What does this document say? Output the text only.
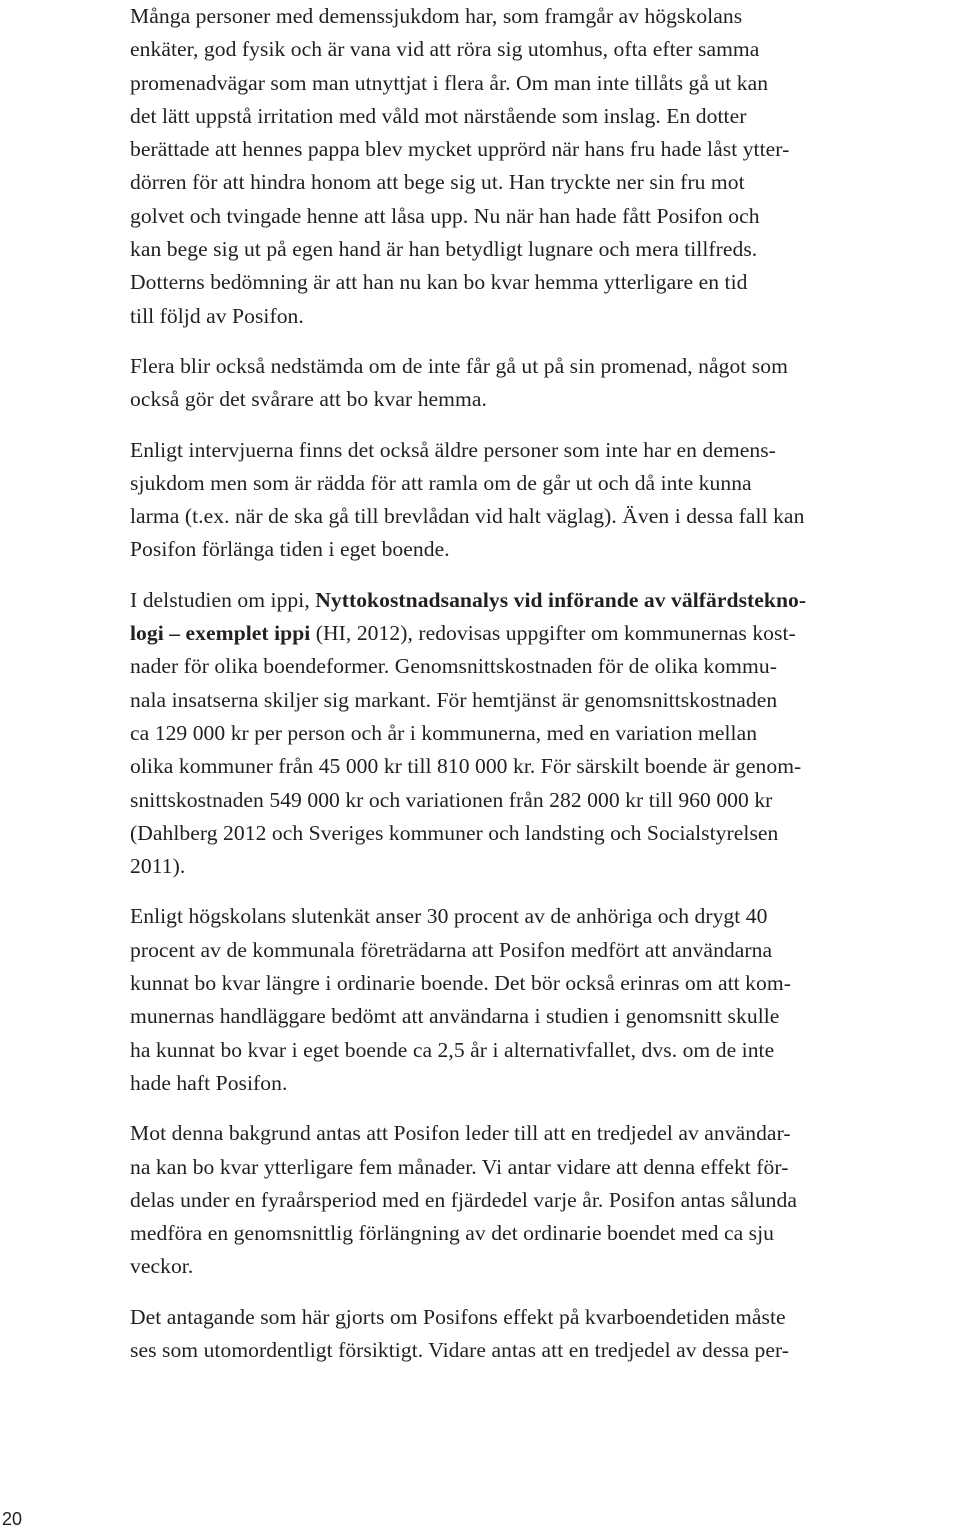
Många personer med demenssjukdom har, som framgår av högskolans
enkäter, god fysik och är vana vid att röra sig utomhus, ofta efter samma
promenadvägar som man utnyttjat i flera år. Om man inte tillåts gå ut kan
det lätt uppstå irritation med våld mot närstående som inslag. En dotter
berättade att hennes pappa blev mycket upprörd när hans fru hade låst ytter-
dörren för att hindra honom att bege sig ut. Han tryckte ner sin fru mot
golvet och tvingade henne att låsa upp. Nu när han hade fått Posifon och
kan bege sig ut på egen hand är han betydligt lugnare och mera tillfreds.
Dotterns bedömning är att han nu kan bo kvar hemma ytterligare en tid
till följd av Posifon.

Flera blir också nedstämda om de inte får gå ut på sin promenad, något som
också gör det svårare att bo kvar hemma.

Enligt intervjuerna finns det också äldre personer som inte har en demens-
sjukdom men som är rädda för att ramla om de går ut och då inte kunna
larma (t.ex. när de ska gå till brevlådan vid halt väglag). Även i dessa fall kan
Posifon förlänga tiden i eget boende.

I delstudien om ippi, Nyttokostnadsanalys vid införande av välfärdstekno-
logi – exemplet ippi (HI, 2012), redovisas uppgifter om kommunernas kost-
nader för olika boendeformer. Genomsnittskostnaden för de olika kommu-
nala insatserna skiljer sig markant. För hemtjänst är genomsnittskostnaden
ca 129 000 kr per person och år i kommunerna, med en variation mellan
olika kommuner från 45 000 kr till 810 000 kr. För särskilt boende är genom-
snittskostnaden 549 000 kr och variationen från 282 000 kr till 960 000 kr
(Dahlberg 2012 och Sveriges kommuner och landsting och Socialstyrelsen
2011).

Enligt högskolans slutenkät anser 30 procent av de anhöriga och drygt 40
procent av de kommunala företrädarna att Posifon medfört att användarna
kunnat bo kvar längre i ordinarie boende. Det bör också erinras om att kom-
munernas handläggare bedömt att användarna i studien i genomsnitt skulle
ha kunnat bo kvar i eget boende ca 2,5 år i alternativfallet, dvs. om de inte
hade haft Posifon.

Mot denna bakgrund antas att Posifon leder till att en tredjedel av användar-
na kan bo kvar ytterligare fem månader. Vi antar vidare att denna effekt för-
delas under en fyraårsperiod med en fjärdedel varje år. Posifon antas sålunda
medföra en genomsnittlig förlängning av det ordinarie boendet med ca sju
veckor.

Det antagande som här gjorts om Posifons effekt på kvarboendetiden måste
ses som utomordentligt försiktigt. Vidare antas att en tredjedel av dessa per-

20
